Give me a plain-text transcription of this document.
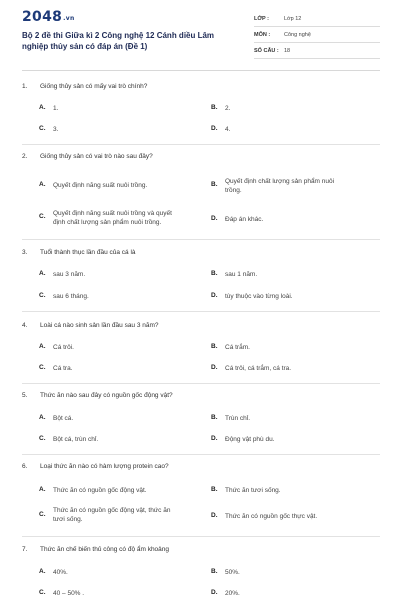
2048.vn
Bộ 2 đề thi Giữa kì 2 Công nghệ 12 Cánh diều Lâm nghiệp thủy sản có đáp án (Đề 1)
LỚP :	Lớp 12
MÔN :	Công nghệ
SỐ CÂU : 18
1. Giống thủy sản có mấy vai trò chính?
A. 1.	B. 2.
C. 3.	D. 4.
2. Giống thủy sản có vai trò nào sau đây?
A. Quyết định năng suất nuôi trồng.	B. Quyết định chất lượng sản phẩm nuôi trồng.
C. Quyết định năng suất nuôi trồng và quyết định chất lượng sản phẩm nuôi trồng.
D. Đáp án khác.
3. Tuổi thành thục lần đầu của cá là
A. sau 3 năm.	B. sau 1 năm.
C. sau 6 tháng.	D. tùy thuộc vào từng loài.
4. Loài cá nào sinh sản lần đầu sau 3 năm?
A. Cá trôi.	B. Cá trắm.
C. Cá tra.	D. Cá trôi, cá trắm, cá tra.
5. Thức ăn nào sau đây có nguồn gốc động vật?
A. Bột cá.	B. Trùn chỉ.
C. Bột cá, trùn chỉ.	D. Động vật phù du.
6. Loại thức ăn nào có hàm lượng protein cao?
A. Thức ăn có nguồn gốc động vật.	B. Thức ăn tươi sống.
C.
Thức ăn có nguồn gốc động vật, thức ăn tươi sống.
D. Thức ăn có nguồn gốc thực vật.
7. Thức ăn chế biến thủ công có độ ẩm khoảng
A. 40%.	B. 50%.
C. 40 – 50% .	D. 20%.
